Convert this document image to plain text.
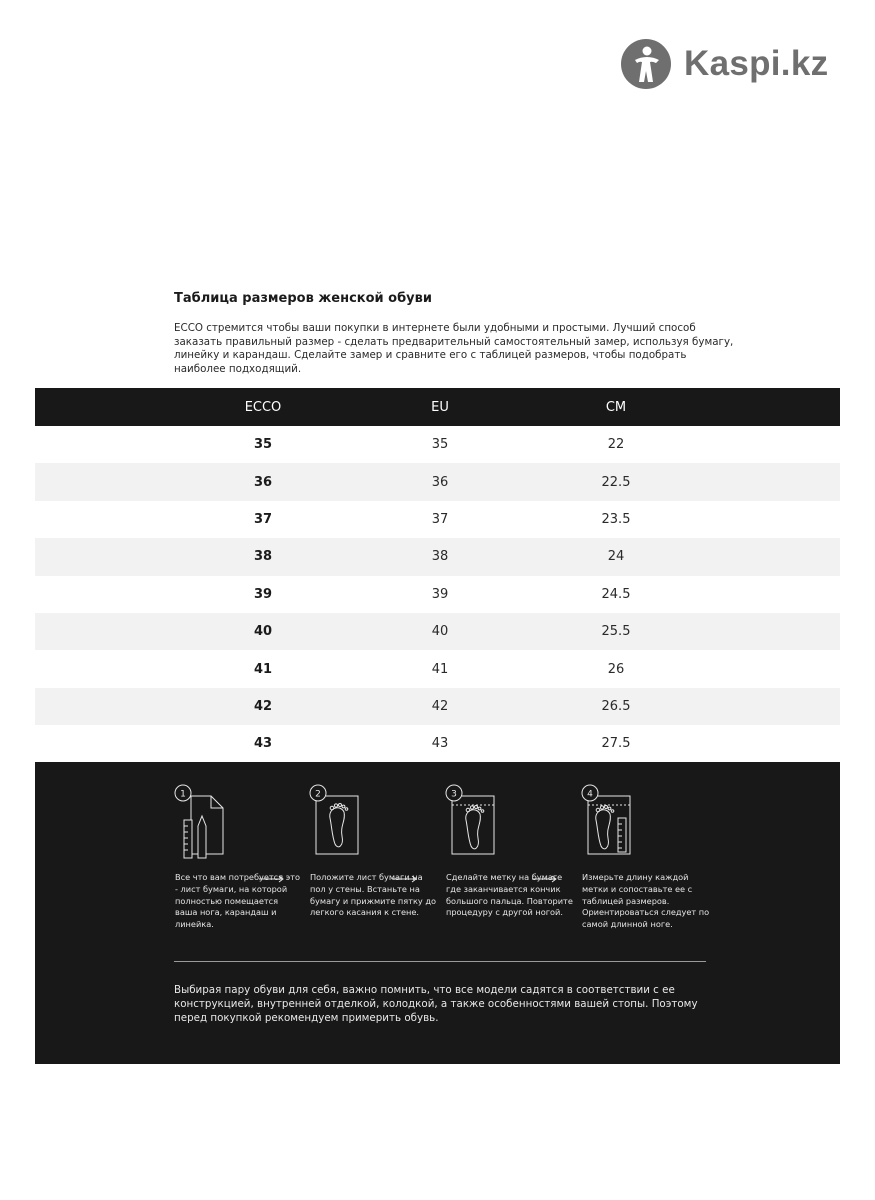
Kaspi.kz
Таблица размеров женской обуви

ECCO стремится чтобы ваши покупки в интернете были удобными и простыми. Лучший способ заказать правильный размер - сделать предварительный самостоятельный замер, используя бумагу, линейку и карандаш. Сделайте замер и сравните его с таблицей размеров, чтобы подобрать наиболее подходящий.

ECCO	EU	CM
35	35	22
36	36	22.5
37	37	23.5
38	38	24
39	39	24.5
40	40	25.5
41	41	26
42	42	26.5
43	43	27.5
1
Все что вам потребуется это - лист бумаги, на которой полностью помещается ваша нога, карандаш и линейка.
2
Положите лист бумаги на пол у стены. Встаньте на бумагу и прижмите пятку до легкого касания к стене.
3
Сделайте метку на бумаге где заканчивается кончик большого пальца. Повторите процедуру с другой ногой.
4
Измерьте длину каждой метки и сопоставьте ее с таблицей размеров. Ориентироваться следует по самой длинной ноге.
Выбирая пару обуви для себя, важно помнить, что все модели садятся в соответствии с ее конструкцией, внутренней отделкой, колодкой, а также особенностями вашей стопы. Поэтому перед покупкой рекомендуем примерить обувь.
